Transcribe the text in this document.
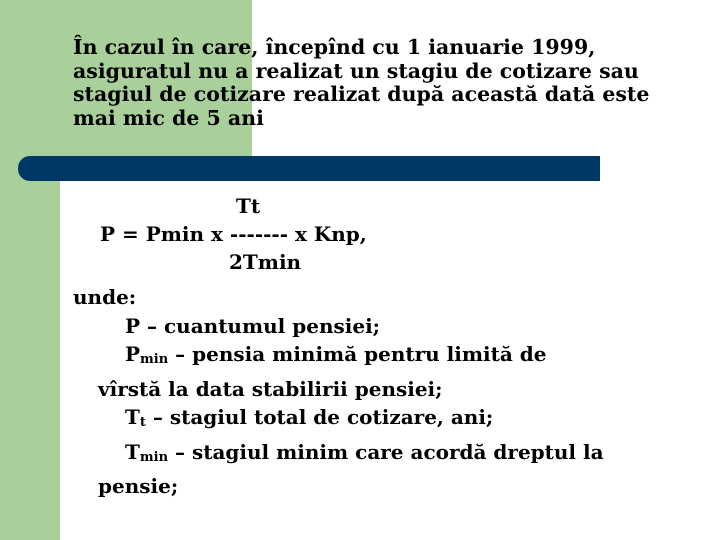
În cazul în care, începînd cu 1 ianuarie 1999, asiguratul nu a realizat un stagiu de cotizare sau stagiul de cotizare realizat după această dată este mai mic de 5 ani

Tt
P = Pmin x ------- x Knp,
2Tmin
unde:
P – cuantumul pensiei;
$P_{min}$ – pensia minimă pentru limită de
vîrstă la data stabilirii pensiei;
$T_t$ – stagiul total de cotizare, ani;
$T_{min}$ – stagiul minim care acordă dreptul la
pensie;
